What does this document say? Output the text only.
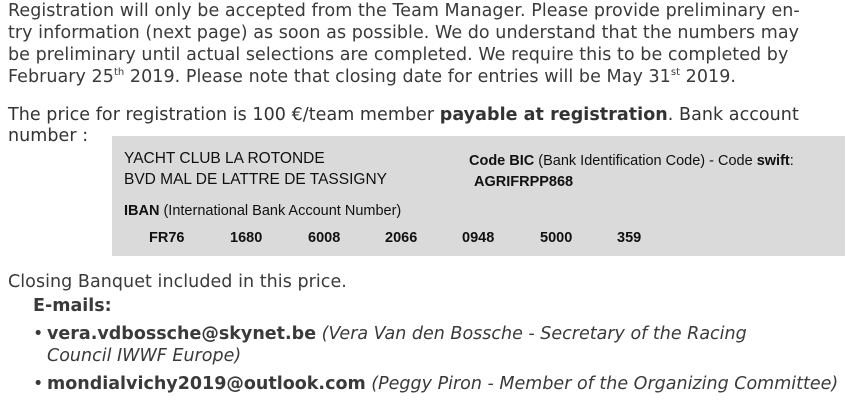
Registration will only be accepted from the Team Manager. Please provide preliminary en-
try information (next page) as soon as possible. We do understand that the numbers may
be preliminary until actual selections are completed. We require this to be completed by
February 25th 2019. Please note that closing date for entries will be May 31st 2019.
The price for registration is 100 €/team member payable at registration. Bank account
number :
YACHT CLUB LA ROTONDE
BVD MAL DE LATTRE DE TASSIGNY
Code BIC (Bank Identification Code) - Code swift:
AGRIFRPP868
IBAN (International Bank Account Number)
FR76	1680	6008	2066	0948	5000	359
Closing Banquet included in this price.
E-mails:
• vera.vdbossche@skynet.be (Vera Van den Bossche - Secretary of the Racing
Council IWWF Europe)
• mondialvichy2019@outlook.com (Peggy Piron - Member of the Organizing Committee)
